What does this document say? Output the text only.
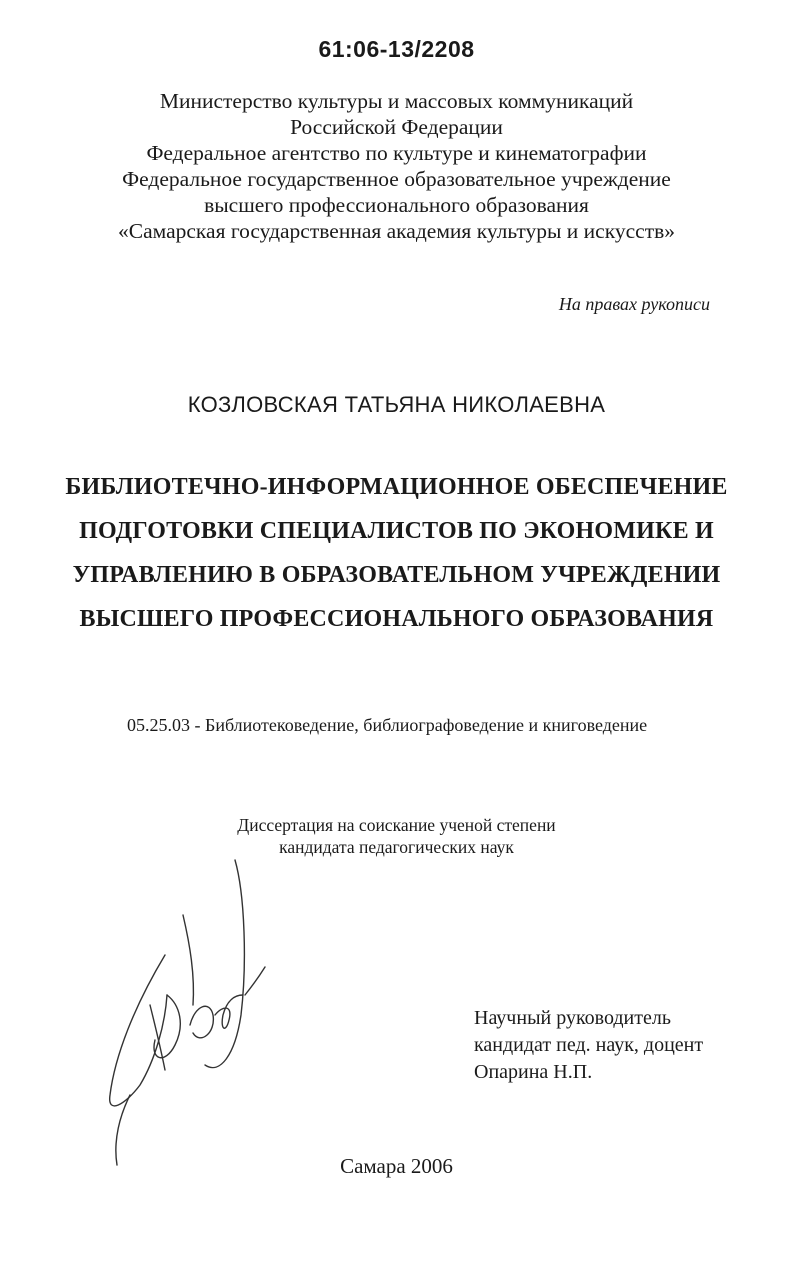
61:06-13/2208
Министерство культуры и массовых коммуникаций
Российской Федерации
Федеральное агентство по культуре и кинематографии
Федеральное государственное образовательное учреждение
высшего профессионального образования
«Самарская государственная академия культуры и искусств»
На правах рукописи
КОЗЛОВСКАЯ ТАТЬЯНА НИКОЛАЕВНА
БИБЛИОТЕЧНО-ИНФОРМАЦИОННОЕ ОБЕСПЕЧЕНИЕ
ПОДГОТОВКИ СПЕЦИАЛИСТОВ ПО ЭКОНОМИКЕ И
УПРАВЛЕНИЮ В ОБРАЗОВАТЕЛЬНОМ УЧРЕЖДЕНИИ
ВЫСШЕГО ПРОФЕССИОНАЛЬНОГО ОБРАЗОВАНИЯ
05.25.03 - Библиотековедение, библиографоведение и книговедение
Диссертация на соискание ученой степени
кандидата педагогических наук
Научный руководитель
кандидат пед. наук, доцент
Опарина Н.П.
Самара 2006
